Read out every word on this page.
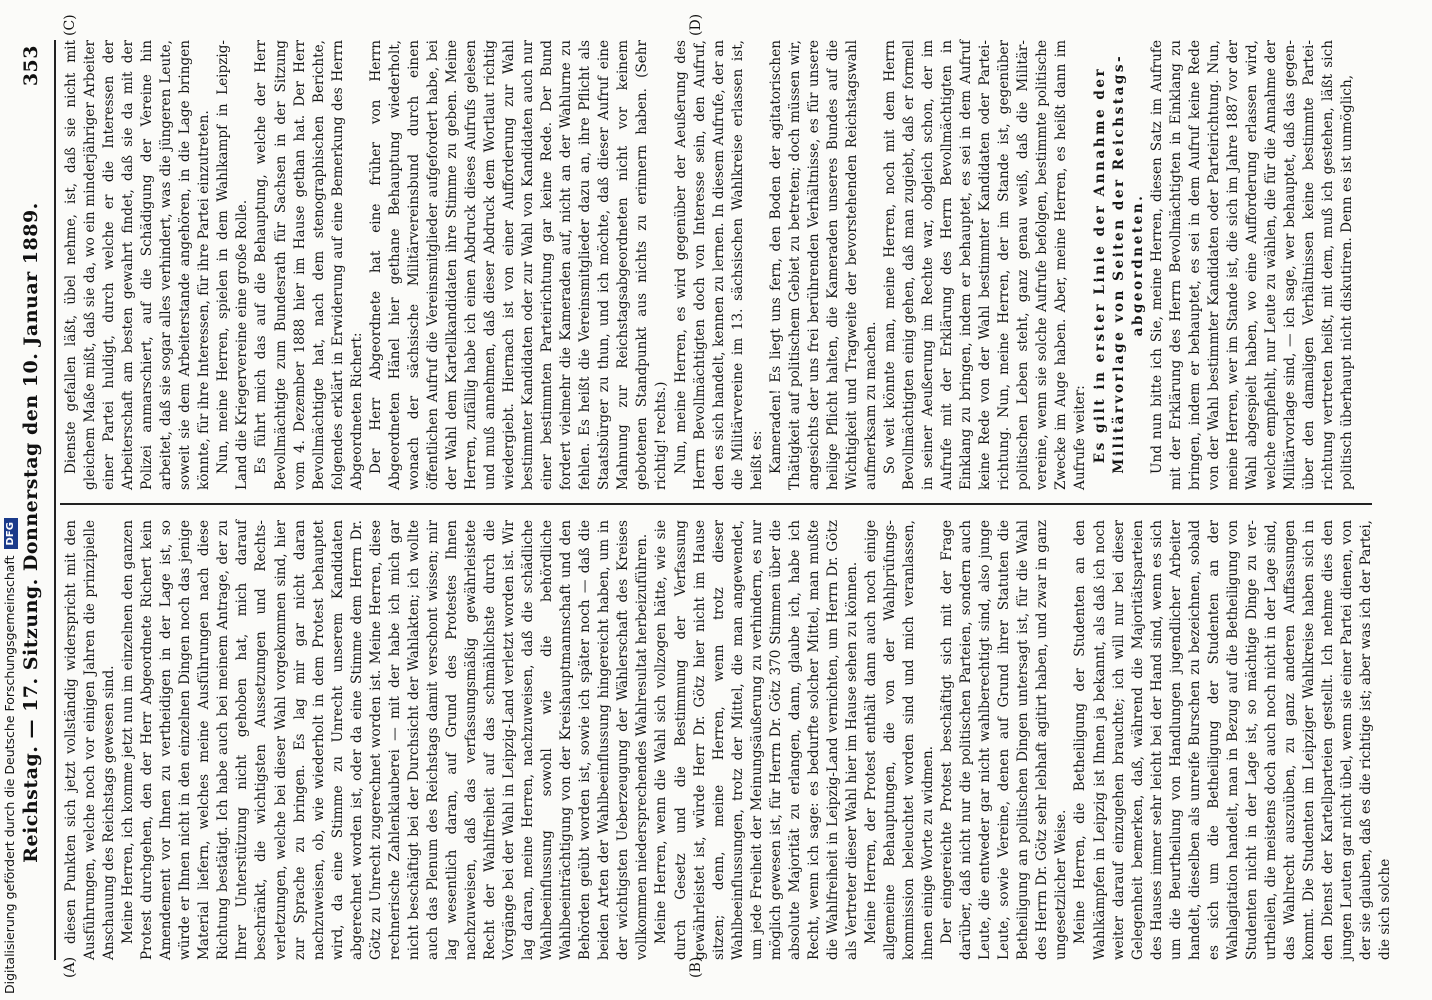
Reichstag. — 17. Sitzung. Donnerstag den 10. Januar 1889.
353
(A)	(B)
(C)	(D)

diesen Punkten sich jetzt vollständig widerspricht mit den Ausführungen, welche noch vor einigen Jahren die prinzipielle Anschauung des Reichstags gewesen sind. Meine Herren, ich komme jetzt nun im einzelnen den ganzen Protest durchgehen, den der Herr Abgeordnete Richert kein Amendement vor Ihnen zu vertheidigen in der Lage ist, so würde er Ihnen nicht in den einzelnen Dingen noch das jenige Material liefern, welches meine Ausführungen nach diese Richtung bestätigt. Ich habe auch bei meinem Antrage, der zu Ihrer Unterstützung nicht gehoben hat, mich darauf beschränkt, die wichtigsten Aussetzungen und Rechtsverletzungen, welche bei dieser Wahl vorgekommen sind, hier zur Sprache zu bringen. Es lag mir gar nicht daran nachzuweisen, ob, wie wiederholt in dem Protest behauptet wird, da eine Stimme zu Unrecht unserem Kandidaten abgerechnet worden ist, oder da eine Stimme dem Herrn Dr. Götz zu Unrecht zugerechnet worden ist. Meine Herren, diese rechnerische Zahlenklauberei — mit der habe ich mich gar nicht beschäftigt bei der Durchsicht der Wahlakten; ich wollte auch das Plenum des Reichstags damit verschont wissen; mir lag wesentlich daran, auf Grund des Protestes Ihnen nachzuweisen, daß das verfassungsmäßig gewährleistete Recht der Wahlfreiheit auf das schmählichste durch die Vorgänge bei der Wahl in Leipzig-Land verletzt worden ist. Wir lag daran, meine Herren, nachzuweisen, daß die schädliche Wahlbeeinflussung sowohl wie die behördliche Wahlbeeinträchtigung von der Kreishauptmannschaft und den Behörden geübt worden ist, sowie ich später noch — daß die beiden Arten der Wahlbeeinflussung hingereicht haben, um in der wichtigsten Ueberzeugung der Wählerschaft des Kreises vollkommen niedersprechendes Wahlresultat herbeizuführen. Meine Herren, wenn die Wahl sich vollzogen hätte, wie sie durch Gesetz und die Bestimmung der Verfassung gewährleistet ist, würde Herr Dr. Götz hier nicht im Hause sitzen; denn, meine Herren, wenn trotz dieser Wahlbeeinflussungen, trotz der Mittel, die man angewendet, um jede Freiheit der Meinungsäußerung zu verhindern, es nur möglich gewesen ist, für Herrn Dr. Götz 370 Stimmen über die absolute Majorität zu erlangen, dann, glaube ich, habe ich Recht, wenn ich sage: es bedurfte solcher Mittel, man mußte die Wahlfreiheit in Leipzig-Land vernichten, um Herrn Dr. Götz als Vertreter dieser Wahl hier im Hause sehen zu können. Meine Herren, der Protest enthält dann auch noch einige allgemeine Behauptungen, die von der Wahlprüfungskommission beleuchtet worden sind und mich veranlassen, ihnen einige Worte zu widmen. Der eingereichte Protest beschäftigt sich mit der Frage darüber, daß nicht nur die politischen Parteien, sondern auch Leute, die entweder gar nicht wahlberechtigt sind, also junge Leute, sowie Vereine, denen auf Grund ihrer Statuten die Betheiligung an politischen Dingen untersagt ist, für die Wahl des Herrn Dr. Götz sehr lebhaft agitirt haben, und zwar in ganz ungesetzlicher Weise. Meine Herren, die Betheiligung der Studenten an den Wahlkämpfen in Leipzig ist Ihnen ja bekannt, als daß ich noch weiter darauf einzugehen brauchte; ich will nur bei dieser Gelegenheit bemerken, daß, während die Majoritätsparteien des Hauses immer sehr leicht bei der Hand sind, wenn es sich um die Beurtheilung von Handlungen jugendlicher Arbeiter handelt, dieselben als unreife Burschen zu bezeichnen, sobald es sich um die Betheiligung der Studenten an der Wahlagitation handelt, man in Bezug auf die Betheiligung von Studenten nicht in der Lage ist, so mächtige Dinge zu verurtheilen, die meistens doch auch noch nicht in der Lage sind, das Wahlrecht auszuüben, zu ganz anderen Auffassungen kommt. Die Studenten im Leipziger Wahlkreise haben sich in den Dienst der Kartellparteien gestellt. Ich nehme dies den jungen Leuten gar nicht übel, wenn sie einer Partei dienen, von der sie glauben, daß es die richtige ist; aber was ich der Partei, die sich solche

Dienste gefallen läßt, übel nehme, ist, daß sie nicht mit gleichem Maße mißt, daß sie da, wo ein minderjähriger Arbeiter einer Partei huldigt, durch welche er die Interessen der Arbeiterschaft am besten gewahrt findet, daß sie da mit der Polizei anmarschiert, auf die Schädigung der Vereine hin arbeitet, daß sie sogar alles verhindert, was die jüngeren Leute, soweit sie dem Arbeiterstande angehören, in die Lage bringen könnte, für ihre Interessen, für ihre Partei einzutreten. Nun, meine Herren, spielen in dem Wahlkampf in Leipzig-Land die Kriegervereine eine große Rolle. Es führt mich das auf die Behauptung, welche der Herr Bevollmächtigte zum Bundesrath für Sachsen in der Sitzung vom 4. Dezember 1888 hier im Hause gethan hat. Der Herr Bevollmächtigte hat, nach dem stenographischen Berichte, folgendes erklärt in Erwiderung auf eine Bemerkung des Herrn Abgeordneten Richert: Der Herr Abgeordnete hat eine früher von Herrn Abgeordneten Hänel hier gethane Behauptung wiederholt, wonach der sächsische Militärvereinsbund durch einen öffentlichen Aufruf die Vereinsmitglieder aufgefordert habe, bei der Wahl dem Kartellkandidaten ihre Stimme zu geben. Meine Herren, zufällig habe ich einen Abdruck dieses Aufrufs gelesen und muß annehmen, daß dieser Abdruck dem Wortlaut richtig wiedergiebt. Hiernach ist von einer Aufforderung zur Wahl bestimmter Kandidaten oder zur Wahl von Kandidaten auch nur einer bestimmten Parteirichtung gar keine Rede. Der Bund fordert vielmehr die Kameraden auf, nicht an der Wahlurne zu fehlen. Es heißt die Vereinsmitglieder dazu an, ihre Pflicht als Staatsbürger zu thun, und ich möchte, daß dieser Aufruf eine Mahnung zur Reichstagsabgeordneten nicht vor keinem gebotenen Standpunkt aus nichts zu erinnern haben. (Sehr richtig! rechts.) Nun, meine Herren, es wird gegenüber der Aeußerung des Herrn Bevollmächtigten doch von Interesse sein, den Aufruf, den es sich handelt, kennen zu lernen. In diesem Aufrufe, der an die Militärvereine im 13. sächsischen Wahlkreise erlassen ist, heißt es: Kameraden! Es liegt uns fern, den Boden der agitatorischen Thätigkeit auf politischem Gebiet zu betreten; doch müssen wir, angesichts der uns frei berührenden Verhältnisse, es für unsere heilige Pflicht halten, die Kameraden unseres Bundes auf die Wichtigkeit und Tragweite der bevorstehenden Reichstagswahl aufmerksam zu machen. So weit könnte man, meine Herren, noch mit dem Herrn Bevollmächtigten einig gehen, daß man zugiebt, daß er formell in seiner Aeußerung im Rechte war, obgleich schon, der im Aufrufe mit der Erklärung des Herrn Bevollmächtigten in Einklang zu bringen, indem er behauptet, es sei in dem Aufruf keine Rede von der Wahl bestimmter Kandidaten oder Parteirichtung. Nun, meine Herren, der im Stande ist, gegenüber politischen Leben steht, ganz genau weiß, daß die Militärvereine, wenn sie solche Aufrufe befolgen, bestimmte politische Zwecke im Auge haben. Aber, meine Herren, es heißt dann im Aufrufe weiter: Es gilt in erster Linie der Annahme der Militärvorlage von Seiten der Reichstagsabgeordneten. Und nun bitte ich Sie, meine Herren, diesen Satz im Aufrufe mit der Erklärung des Herrn Bevollmächtigten in Einklang zu bringen, indem er behauptet, es sei in dem Aufruf keine Rede von der Wahl bestimmter Kandidaten oder Parteirichtung. Nun, meine Herren, wer im Stande ist, die sich im Jahre 1887 vor der Wahl abgespielt haben, wo eine Aufforderung erlassen wird, welche empfiehlt, nur Leute zu wählen, die für die Annahme der Militärvorlage sind, — ich sage, wer behauptet, daß das gegenüber den damaligen Verhältnissen keine bestimmte Parteirichtung vertreten heißt, mit dem, muß ich gestehen, läßt sich politisch überhaupt nicht diskutiren. Denn es ist unmöglich,

Digitalisierung gefördert durch die Deutsche ForschungsgemeinschaftDFG
